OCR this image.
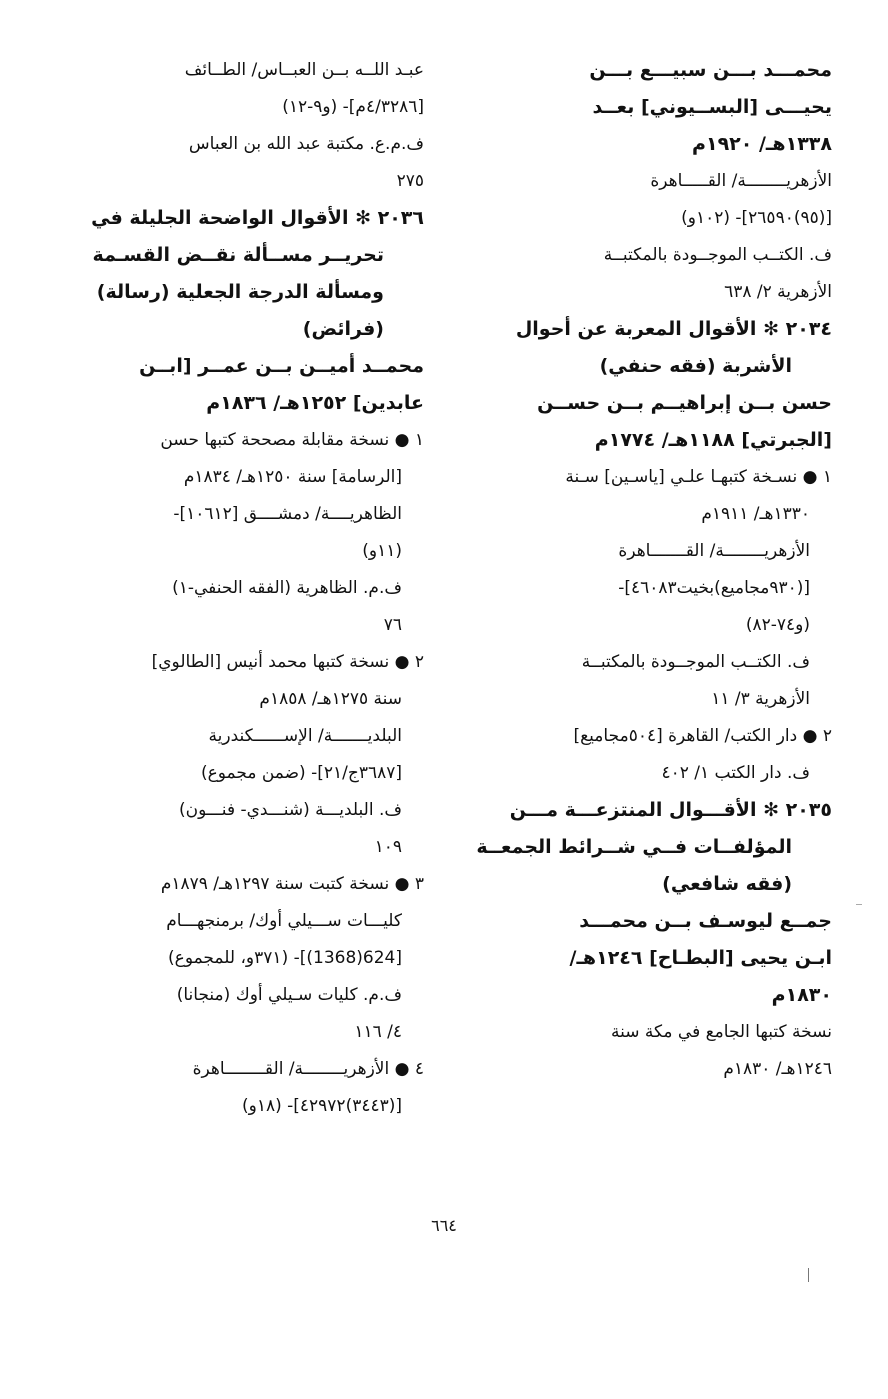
محمـــد بـــن سبيـــع بـــن
يحيـــى [البســيوني] بعــد
١٣٣٨هـ/ ١٩٢٠م
الأزهريــــــــة/ القـــــاهرة
[(٩٥)٢٦٥٩٠]- (١٠٢و)
ف. الكتــب الموجــودة بالمكتبــة
الأزهرية ٢/ ٦٣٨
٢٠٣٤ ✻ الأقوال المعربة عن أحوال
الأشربة (فقه حنفي)
حسن بــن إبراهيــم بــن حســن
[الجبرتي] ١١٨٨هـ/ ١٧٧٤م
١ ● نسـخة كتبهـا علـي [ياسـين] سـنة
١٣٣٠هـ/ ١٩١١م
الأزهريــــــــة/ القـــــــاهرة
[(٩٣٠مجاميع)بخيت٤٦٠٨٣]-
(و٧٤-٨٢)
ف. الكتــب الموجــودة بالمكتبــة
الأزهرية ٣/ ١١
٢ ● دار الكتب/ القاهرة [٥٠٤مجاميع]
ف. دار الكتب ١/ ٤٠٢
٢٠٣٥ ✻ الأقـــوال المنتزعـــة مـــن
المؤلفــات فــي شــرائط الجمعــة
(فقه شافعي)
جمــع ليوسـف بــن محمـــد
ابـن يحيى [البطـاح] ١٢٤٦هـ/
١٨٣٠م
نسخة كتبها الجامع في مكة سنة
١٢٤٦هـ/ ١٨٣٠م
عبـد اللــه بــن العبــاس/ الطــائف
[٤/٣٢٨٦م]- (و٩-١٢)
ف.م.ع. مكتبة عبد الله بن العباس
٢٧٥
٢٠٣٦ ✻ الأقوال الواضحة الجليلة في
تحريــر مســألة نقــض القسـمة
ومسألة الدرجة الجعلية (رسالة)
(فرائض)
محمــد أميــن بــن عمــر [ابــن
عابدين] ١٢٥٢هـ/ ١٨٣٦م
١ ● نسخة مقابلة مصححة كتبها حسن
[الرسامة] سنة ١٢٥٠هـ/ ١٨٣٤م
الظاهريــــة/ دمشــــق [١٠٦١٢]-
(١١و)
ف.م. الظاهرية (الفقه الحنفي-١)
٧٦
٢ ● نسخة كتبها محمد أنيس [الطالوي]
سنة ١٢٧٥هـ/ ١٨٥٨م
البلديـــــــة/ الإســــــكندرية
[٣٦٨٧ج/٢١]- (ضمن مجموع)
ف. البلديـــة (شنـــدي- فنـــون)
١٠٩
٣ ● نسخة كتبت سنة ١٢٩٧هـ/ ١٨٧٩م
كليـــات ســـيلي أوك/ برمنجهـــام
[624(1368)]- (٣٧١و، للمجموع)
ف.م. كليات سـيلي أوك (منجانا)
٤/ ١١٦
٤ ● الأزهريــــــــة/ القــــــــاهرة
[(٣٤٤٣)٤٢٩٧٢]- (١٨و)
٦٦٤
